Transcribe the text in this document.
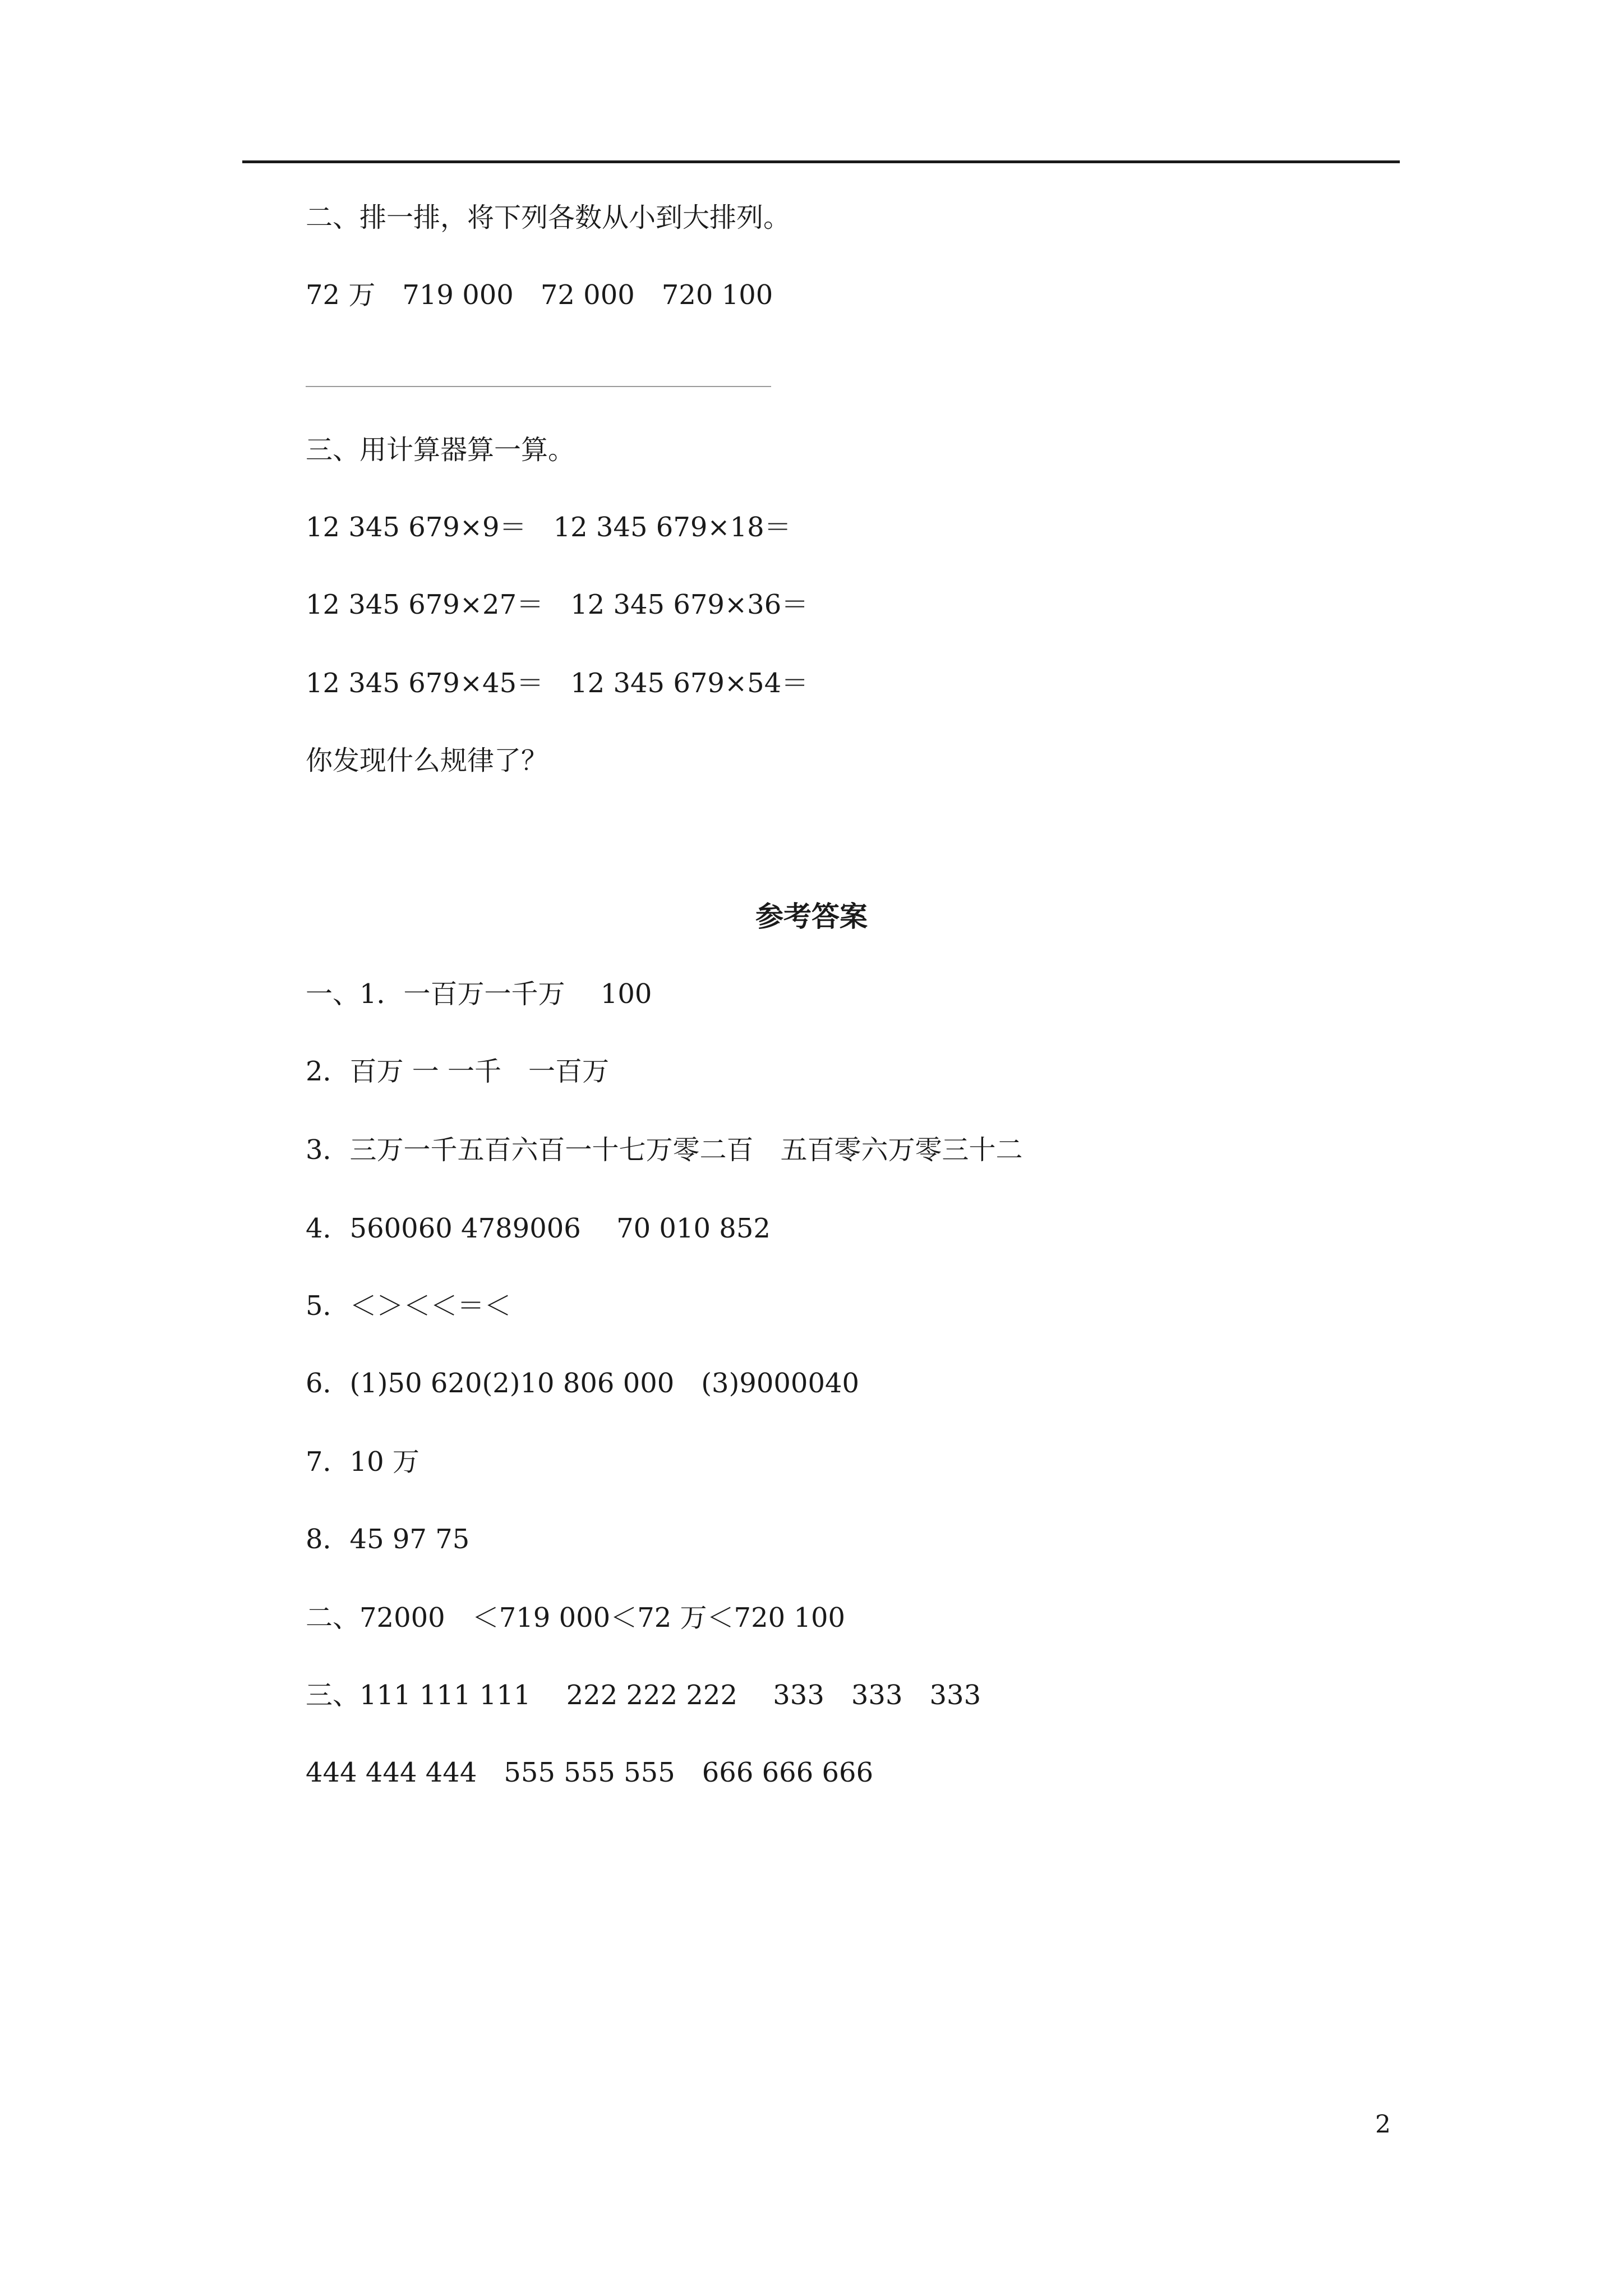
二、排一排，将下列各数从小到大排列。
72 万　719 000　72 000　720 100
三、用计算器算一算。
12 345 679×9＝　12 345 679×18＝
12 345 679×27＝　12 345 679×36＝
12 345 679×45＝　12 345 679×54＝
你发现什么规律了？
参考答案
一、1．一百万一千万　 100
2．百万 一 一千　一百万
3．三万一千五百六百一十七万零二百　五百零六万零三十二
4．560060 4789006　 70 010 852
5．＜＞＜＜＝＜
6．(1)50 620(2)10 806 000　(3)9000040
7．10 万
8．45 97 75
二、72000　＜719 000＜72 万＜720 100
三、111 111 111　 222 222 222　 333　333　333
444 444 444　555 555 555　666 666 666
2
